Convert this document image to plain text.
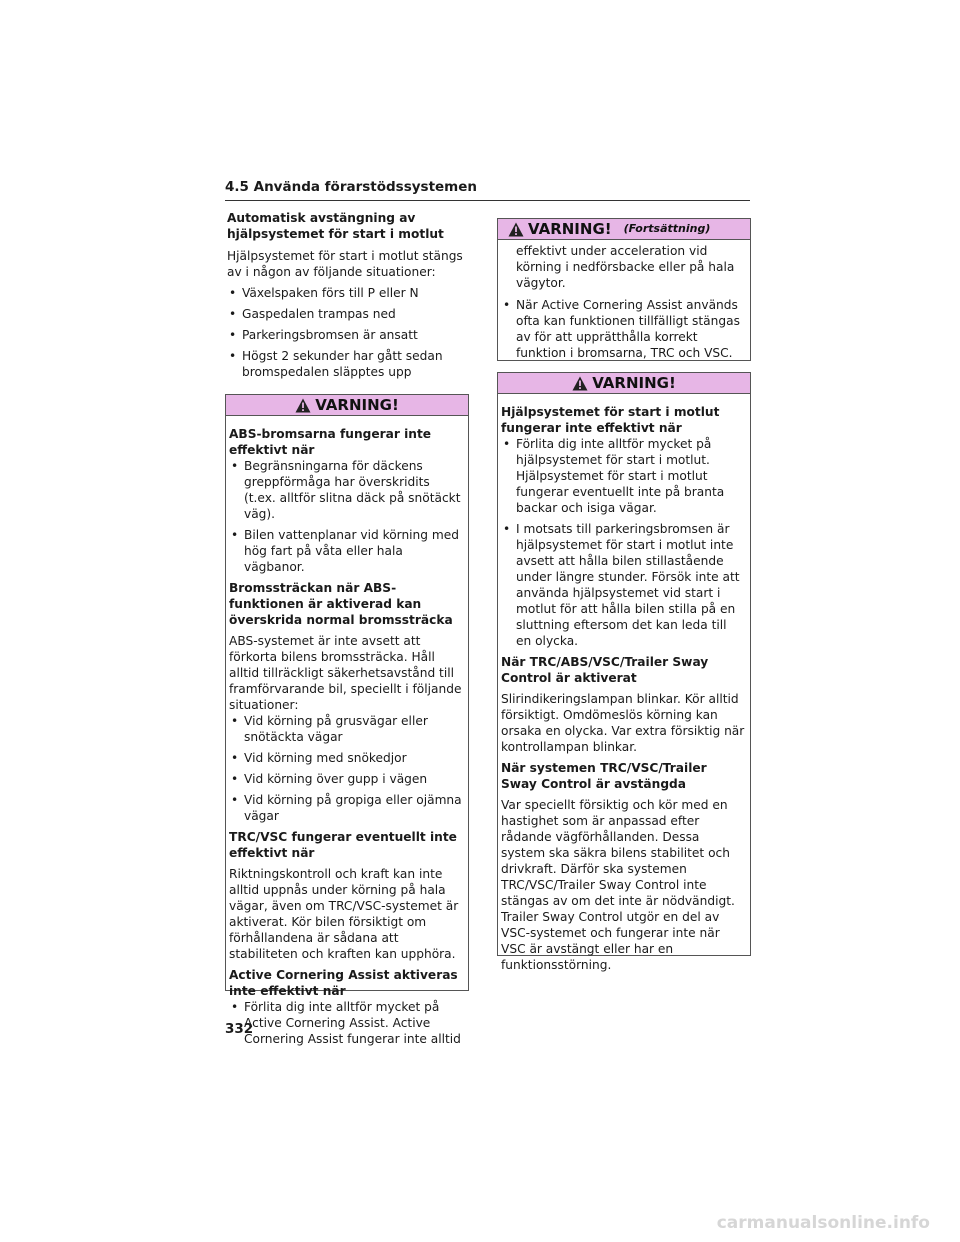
4.5 Använda förarstödssystemen

Automatisk avstängning av hjälpsystemet för start i motlut

Hjälpsystemet för start i motlut stängs av i någon av följande situationer:

• Växelspaken förs till P eller N
• Gaspedalen trampas ned
• Parkeringsbromsen är ansatt
• Högst 2 sekunder har gått sedan bromspedalen släpptes upp
VARNING!

ABS-bromsarna fungerar inte effektivt när

• Begränsningarna för däckens greppförmåga har överskridits (t.ex. alltför slitna däck på snötäckt väg).
• Bilen vattenplanar vid körning med hög fart på våta eller hala vägbanor.

Bromssträckan när ABS-funktionen är aktiverad kan överskrida normal bromssträcka

ABS-systemet är inte avsett att förkorta bilens bromssträcka. Håll alltid tillräckligt säkerhetsavstånd till framförvarande bil, speciellt i följande situationer:

• Vid körning på grusvägar eller snötäckta vägar
• Vid körning med snökedjor
• Vid körning över gupp i vägen
• Vid körning på gropiga eller ojämna vägar

TRC/VSC fungerar eventuellt inte effektivt när

Riktningskontroll och kraft kan inte alltid uppnås under körning på hala vägar, även om TRC/VSC-systemet är aktiverat. Kör bilen försiktigt om förhållandena är sådana att stabiliteten och kraften kan upphöra.

Active Cornering Assist aktiveras inte effektivt när

• Förlita dig inte alltför mycket på Active Cornering Assist. Active Cornering Assist fungerar inte alltid
VARNING! (Fortsättning)

effektivt under acceleration vid körning i nedförsbacke eller på hala vägytor.

• När Active Cornering Assist används ofta kan funktionen tillfälligt stängas av för att upprätthålla korrekt funktion i bromsarna, TRC och VSC.
VARNING!

Hjälpsystemet för start i motlut fungerar inte effektivt när

• Förlita dig inte alltför mycket på hjälpsystemet för start i motlut. Hjälpsystemet för start i motlut fungerar eventuellt inte på branta backar och isiga vägar.
• I motsats till parkeringsbromsen är hjälpsystemet för start i motlut inte avsett att hålla bilen stillastående under längre stunder. Försök inte att använda hjälpsystemet vid start i motlut för att hålla bilen stilla på en sluttning eftersom det kan leda till en olycka.

När TRC/ABS/VSC/Trailer Sway Control är aktiverat

Slirindikeringslampan blinkar. Kör alltid försiktigt. Omdömeslös körning kan orsaka en olycka. Var extra försiktig när kontrollampan blinkar.

När systemen TRC/VSC/Trailer Sway Control är avstängda

Var speciellt försiktig och kör med en hastighet som är anpassad efter rådande vägförhållanden. Dessa system ska säkra bilens stabilitet och drivkraft. Därför ska systemen TRC/VSC/Trailer Sway Control inte stängas av om det inte är nödvändigt. Trailer Sway Control utgör en del av VSC-systemet och fungerar inte när VSC är avstängt eller har en funktionsstörning.

332
carmanualsonline.info
